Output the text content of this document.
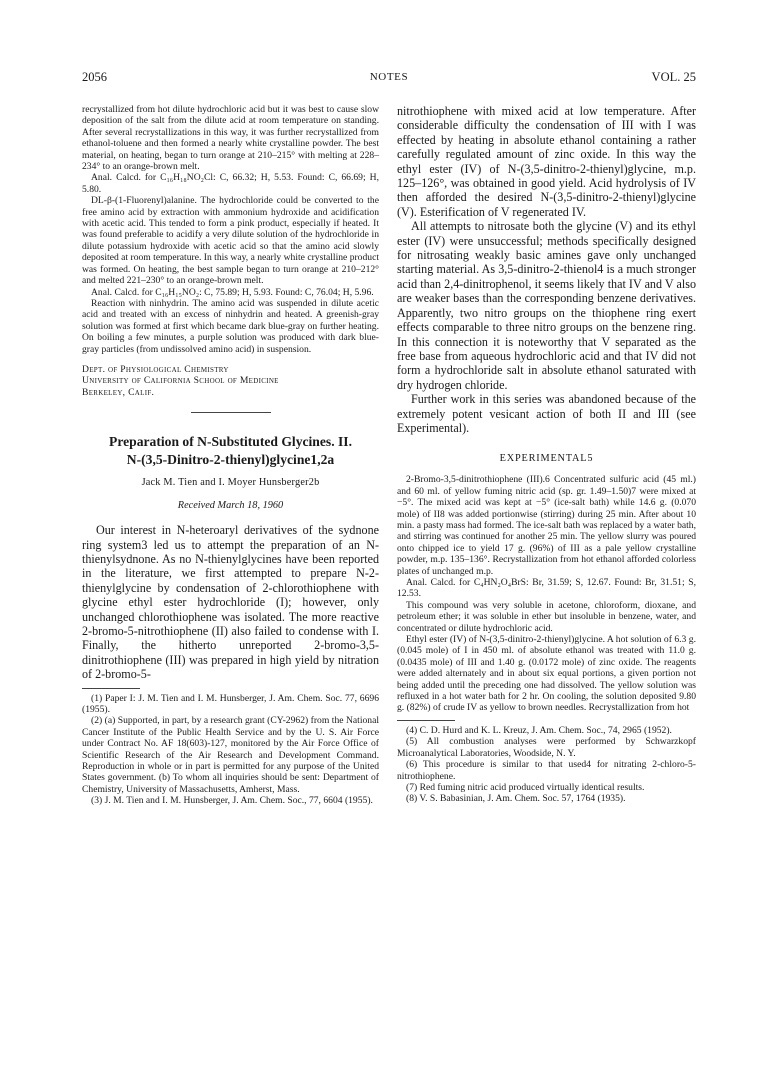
2056	NOTES	VOL. 25

recrystallized from hot dilute hydrochloric acid but it was best to cause slow deposition of the salt from the dilute acid at room temperature on standing. After several recrystallizations in this way, it was further recrystallized from ethanol-toluene and then formed a nearly white crystalline powder. The best material, on heating, began to turn orange at 210–215° with melting at 228–234° to an orange-brown melt.

Anal. Calcd. for C₁₆H₁₈NO₂Cl: C, 66.32; H, 5.53. Found: C, 66.69; H, 5.80.

DL-β-(1-Fluorenyl)alanine. The hydrochloride could be converted to the free amino acid by extraction with ammonium hydroxide and acidification with acetic acid. This tended to form a pink product, especially if heated. It was found preferable to acidify a very dilute solution of the hydrochloride in dilute potassium hydroxide with acetic acid so that the amino acid slowly deposited at room temperature. In this way, a nearly white crystalline product was formed. On heating, the best sample began to turn orange at 210–212° and melted 221–230° to an orange-brown melt.

Anal. Calcd. for C₁₆H₁₅NO₂: C, 75.89; H, 5.93. Found: C, 76.04; H, 5.96.

Reaction with ninhydrin. The amino acid was suspended in dilute acetic acid and treated with an excess of ninhydrin and heated. A greenish-gray solution was formed at first which became dark blue-gray on further heating. On boiling a few minutes, a purple solution was produced with dark blue-gray particles (from undissolved amino acid) in suspension.

Dept. of Physiological Chemistry
University of California School of Medicine
Berkeley, Calif.
Preparation of N-Substituted Glycines. II.
N-(3,5-Dinitro-2-thienyl)glycine1,2a
Jack M. Tien and I. Moyer Hunsberger2b
Received March 18, 1960

Our interest in N-heteroaryl derivatives of the sydnone ring system3 led us to attempt the preparation of an N-thienylsydnone. As no N-thienylglycines have been reported in the literature, we first attempted to prepare N-2-thienylglycine by condensation of 2-chlorothiophene with glycine ethyl ester hydrochloride (I); however, only unchanged chlorothiophene was isolated. The more reactive 2-bromo-5-nitrothiophene (II) also failed to condense with I. Finally, the hitherto unreported 2-bromo-3,5-dinitrothiophene (III) was prepared in high yield by nitration of 2-bromo-5-

(1) Paper I: J. M. Tien and I. M. Hunsberger, J. Am. Chem. Soc. 77, 6696 (1955).

(2) (a) Supported, in part, by a research grant (CY-2962) from the National Cancer Institute of the Public Health Service and by the U. S. Air Force under Contract No. AF 18(603)-127, monitored by the Air Force Office of Scientific Research of the Air Research and Development Command. Reproduction in whole or in part is permitted for any purpose of the United States government. (b) To whom all inquiries should be sent: Department of Chemistry, University of Massachusetts, Amherst, Mass.

(3) J. M. Tien and I. M. Hunsberger, J. Am. Chem. Soc., 77, 6604 (1955).

nitrothiophene with mixed acid at low temperature. After considerable difficulty the condensation of III with I was effected by heating in absolute ethanol containing a rather carefully regulated amount of zinc oxide. In this way the ethyl ester (IV) of N-(3,5-dinitro-2-thienyl)glycine, m.p. 125–126°, was obtained in good yield. Acid hydrolysis of IV then afforded the desired N-(3,5-dinitro-2-thienyl)glycine (V). Esterification of V regenerated IV.

All attempts to nitrosate both the glycine (V) and its ethyl ester (IV) were unsuccessful; methods specifically designed for nitrosating weakly basic amines gave only unchanged starting material. As 3,5-dinitro-2-thienol4 is a much stronger acid than 2,4-dinitrophenol, it seems likely that IV and V also are weaker bases than the corresponding benzene derivatives. Apparently, two nitro groups on the thiophene ring exert effects comparable to three nitro groups on the benzene ring. In this connection it is noteworthy that V separated as the free base from aqueous hydrochloric acid and that IV did not form a hydrochloride salt in absolute ethanol saturated with dry hydrogen chloride.

Further work in this series was abandoned because of the extremely potent vesicant action of both II and III (see Experimental).

EXPERIMENTAL5

2-Bromo-3,5-dinitrothiophene (III).6 Concentrated sulfuric acid (45 ml.) and 60 ml. of yellow fuming nitric acid (sp. gr. 1.49–1.50)7 were mixed at −5°. The mixed acid was kept at −5° (ice-salt bath) while 14.6 g. (0.070 mole) of II8 was added portionwise (stirring) during 25 min. After about 10 min. a pasty mass had formed. The ice-salt bath was replaced by a water bath, and stirring was continued for another 25 min. The yellow slurry was poured onto chipped ice to yield 17 g. (96%) of III as a pale yellow crystalline powder, m.p. 135–136°. Recrystallization from hot ethanol afforded colorless plates of unchanged m.p.

Anal. Calcd. for C₄HN₂O₄BrS: Br, 31.59; S, 12.67. Found: Br, 31.51; S, 12.53.

This compound was very soluble in acetone, chloroform, dioxane, and petroleum ether; it was soluble in ether but insoluble in benzene, water, and concentrated or dilute hydrochloric acid.

Ethyl ester (IV) of N-(3,5-dinitro-2-thienyl)glycine. A hot solution of 6.3 g. (0.045 mole) of I in 450 ml. of absolute ethanol was treated with 11.0 g. (0.0435 mole) of III and 1.40 g. (0.0172 mole) of zinc oxide. The reagents were added alternately and in about six equal portions, a given portion not being added until the preceding one had dissolved. The yellow solution was refluxed in a hot water bath for 2 hr. On cooling, the solution deposited 9.80 g. (82%) of crude IV as yellow to brown needles. Recrystallization from hot

(4) C. D. Hurd and K. L. Kreuz, J. Am. Chem. Soc., 74, 2965 (1952).

(5) All combustion analyses were performed by Schwarzkopf Microanalytical Laboratories, Woodside, N. Y.

(6) This procedure is similar to that used4 for nitrating 2-chloro-5-nitrothiophene.

(7) Red fuming nitric acid produced virtually identical results.

(8) V. S. Babasinian, J. Am. Chem. Soc. 57, 1764 (1935).
